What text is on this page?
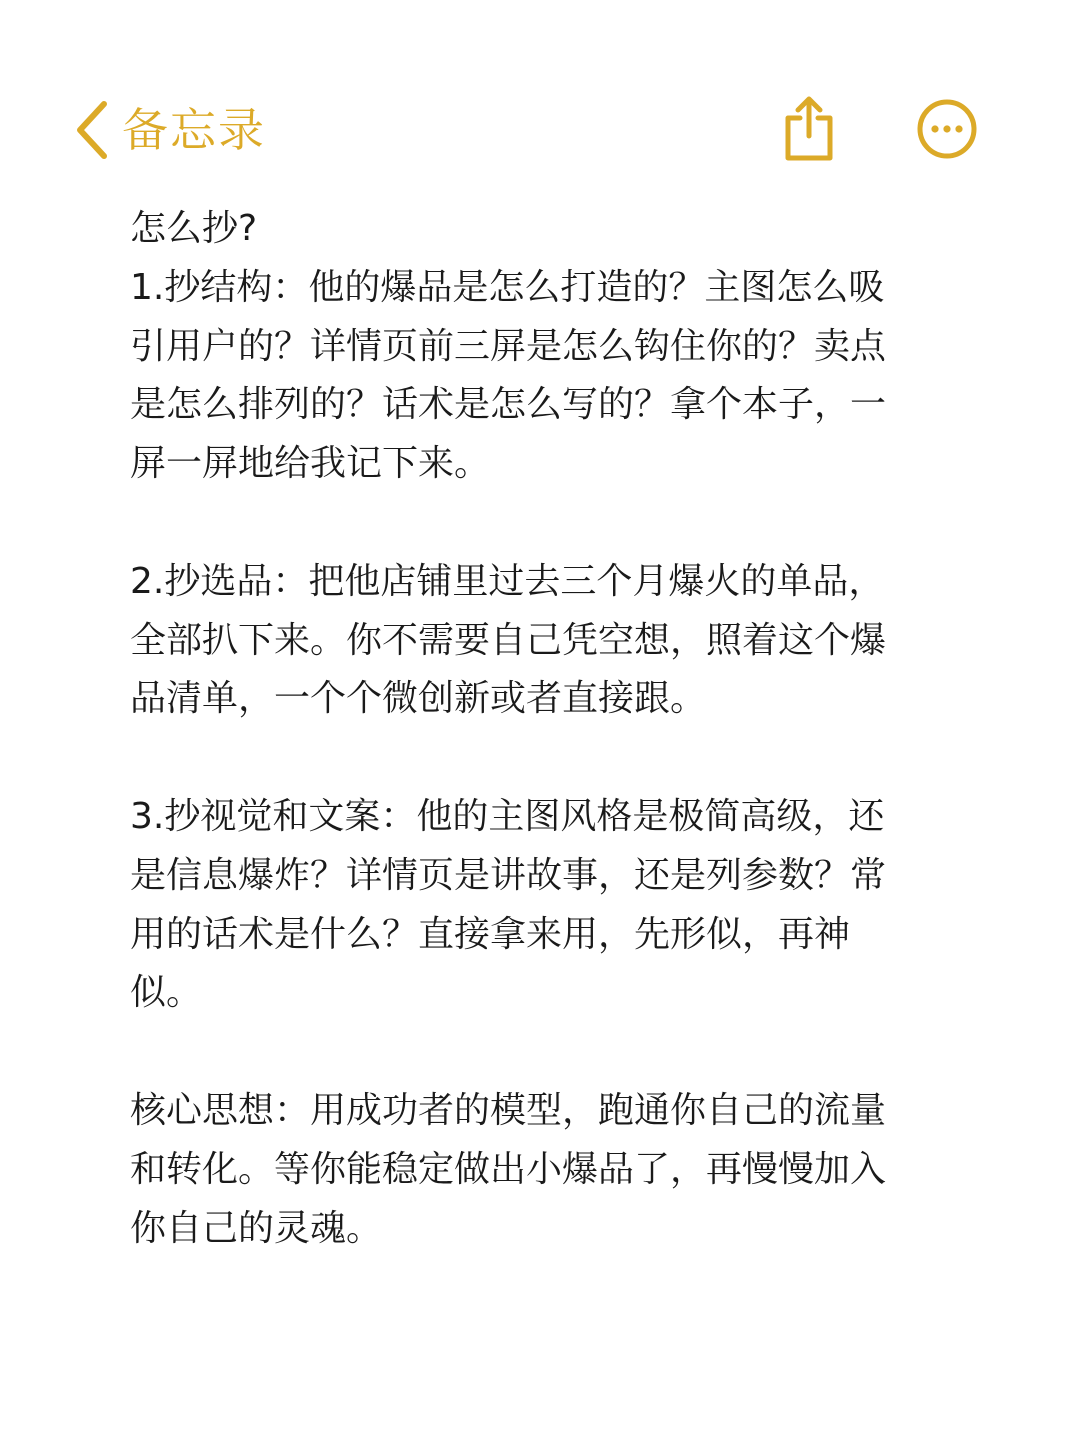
备忘录

怎么抄?

1.抄结构：他的爆品是怎么打造的？主图怎么吸

引用户的？详情页前三屏是怎么钩住你的？卖点

是怎么排列的？话术是怎么写的？拿个本子，一

屏一屏地给我记下来。

2.抄选品：把他店铺里过去三个月爆火的单品，

全部扒下来。你不需要自己凭空想，照着这个爆

品清单，一个个微创新或者直接跟。

3.抄视觉和文案：他的主图风格是极简高级，还

是信息爆炸？详情页是讲故事，还是列参数？常

用的话术是什么？直接拿来用，先形似，再神

似。

核心思想：用成功者的模型，跑通你自己的流量

和转化。等你能稳定做出小爆品了，再慢慢加入

你自己的灵魂。
